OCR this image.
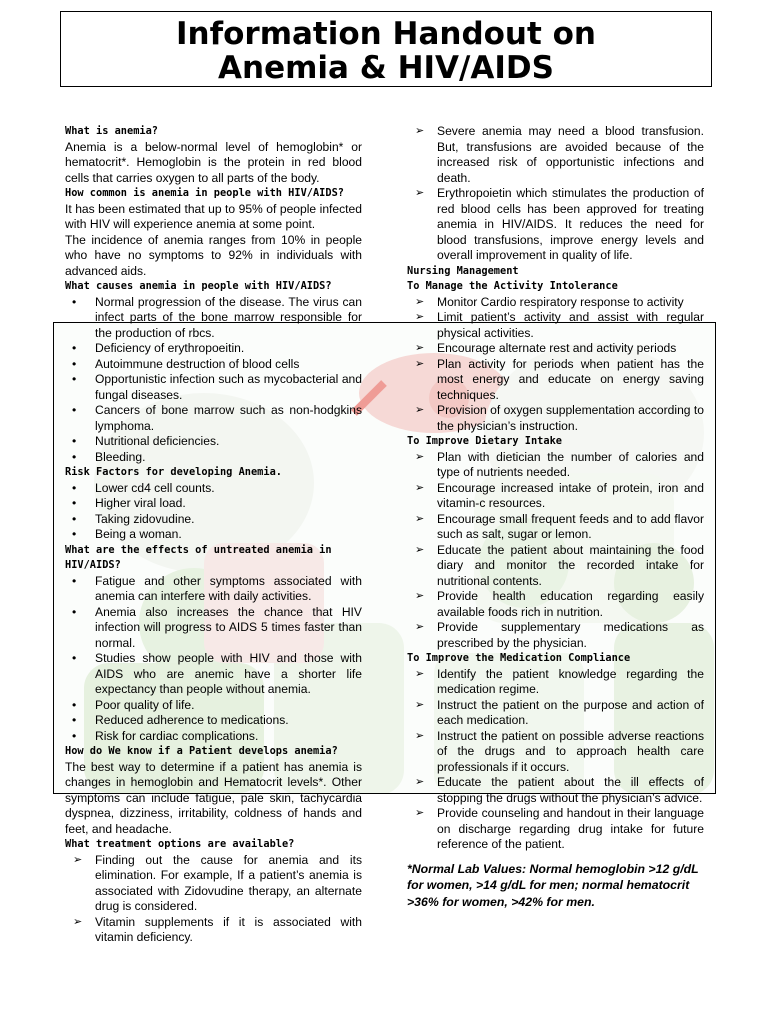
Information Handout on
Anemia & HIV/AIDS
What is anemia?
Anemia is a below-normal level of hemoglobin* or hematocrit*. Hemoglobin is the protein in red blood cells that carries oxygen to all parts of the body.
How common is anemia in people with HIV/AIDS?
It has been estimated that up to 95% of people infected with HIV will experience anemia at some point.
The incidence of anemia ranges from 10% in people who have no symptoms to 92% in individuals with advanced aids.
What causes anemia in people with HIV/AIDS?
• Normal progression of the disease. The virus can infect parts of the bone marrow responsible for the production of rbcs.
• Deficiency of erythropoeitin.
• Autoimmune destruction of blood cells
• Opportunistic infection such as mycobacterial and fungal diseases.
• Cancers of bone marrow such as non-hodgkins lymphoma.
• Nutritional deficiencies.
• Bleeding.
Risk Factors for developing Anemia.
• Lower cd4 cell counts.
• Higher viral load.
• Taking zidovudine.
• Being a woman.
What are the effects of untreated anemia in HIV/AIDS?
• Fatigue and other symptoms associated with anemia can interfere with daily activities.
• Anemia also increases the chance that HIV infection will progress to AIDS 5 times faster than normal.
• Studies show people with HIV and those with AIDS who are anemic have a shorter life expectancy than people without anemia.
• Poor quality of life.
• Reduced adherence to medications.
• Risk for cardiac complications.
How do We know if a Patient develops anemia?
The best way to determine if a patient has anemia is changes in hemoglobin and Hematocrit levels*. Other symptoms can include fatigue, pale skin, tachycardia dyspnea, dizziness, irritability, coldness of hands and feet, and headache.
What treatment options are available?
➢ Finding out the cause for anemia and its elimination. For example, If a patient’s anemia is associated with Zidovudine therapy, an alternate drug is considered.
➢ Vitamin supplements if it is associated with vitamin deficiency.
➢ Severe anemia may need a blood transfusion. But, transfusions are avoided because of the increased risk of opportunistic infections and death.
➢ Erythropoietin which stimulates the production of red blood cells has been approved for treating anemia in HIV/AIDS. It reduces the need for blood transfusions, improve energy levels and overall improvement in quality of life.
Nursing Management
To Manage the Activity Intolerance
➢ Monitor Cardio respiratory response to activity
➢ Limit patient’s activity and assist with regular physical activities.
➢ Encourage alternate rest and activity periods
➢ Plan activity for periods when patient has the most energy and educate on energy saving techniques.
➢ Provision of oxygen supplementation according to the physician’s instruction.
To Improve Dietary Intake
➢ Plan with dietician the number of calories and type of nutrients needed.
➢ Encourage increased intake of protein, iron and vitamin-c resources.
➢ Encourage small frequent feeds and to add flavor such as salt, sugar or lemon.
➢ Educate the patient about maintaining the food diary and monitor the recorded intake for nutritional contents.
➢ Provide health education regarding easily available foods rich in nutrition.
➢ Provide supplementary medications as prescribed by the physician.
To Improve the Medication Compliance
➢ Identify the patient knowledge regarding the medication regime.
➢ Instruct the patient on the purpose and action of each medication.
➢ Instruct the patient on possible adverse reactions of the drugs and to approach health care professionals if it occurs.
➢ Educate the patient about the ill effects of stopping the drugs without the physician’s advice.
➢ Provide counseling and handout in their language on discharge regarding drug intake for future reference of the patient.
*Normal Lab Values: Normal hemoglobin >12 g/dL for women, >14 g/dL for men; normal hematocrit >36% for women, >42% for men.
